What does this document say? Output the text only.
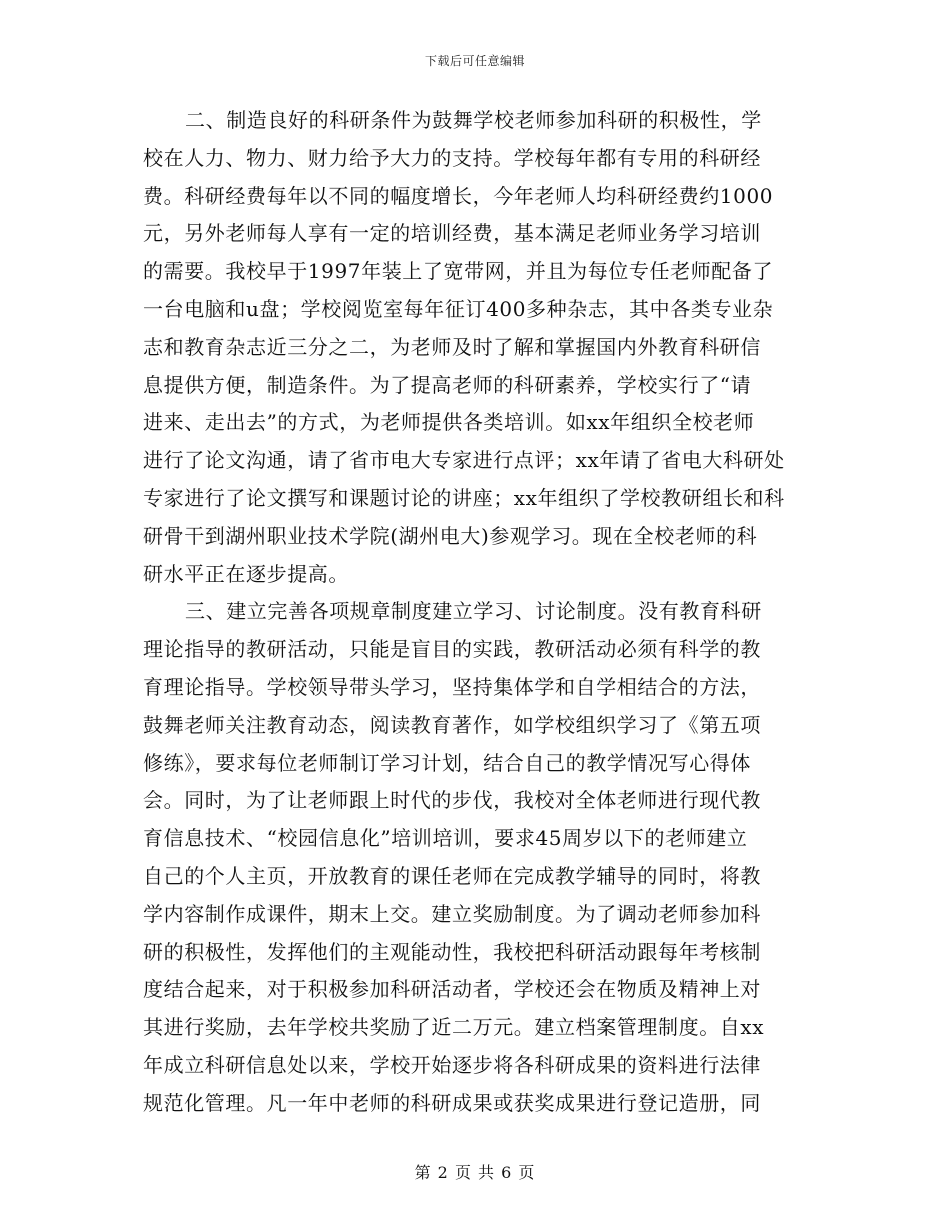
下载后可任意编辑
二、制造良好的科研条件为鼓舞学校老师参加科研的积极性，学
校在人力、物力、财力给予大力的支持。学校每年都有专用的科研经
费。科研经费每年以不同的幅度增长，今年老师人均科研经费约1000
元，另外老师每人享有一定的培训经费，基本满足老师业务学习培训
的需要。我校早于1997年装上了宽带网，并且为每位专任老师配备了
一台电脑和u盘；学校阅览室每年征订400多种杂志，其中各类专业杂
志和教育杂志近三分之二，为老师及时了解和掌握国内外教育科研信
息提供方便，制造条件。为了提高老师的科研素养，学校实行了“请
进来、走出去”的方式，为老师提供各类培训。如xx年组织全校老师
进行了论文沟通，请了省市电大专家进行点评；xx年请了省电大科研处
专家进行了论文撰写和课题讨论的讲座；xx年组织了学校教研组长和科
研骨干到湖州职业技术学院(湖州电大)参观学习。现在全校老师的科
研水平正在逐步提高。
三、建立完善各项规章制度建立学习、讨论制度。没有教育科研
理论指导的教研活动，只能是盲目的实践，教研活动必须有科学的教
育理论指导。学校领导带头学习，坚持集体学和自学相结合的方法，
鼓舞老师关注教育动态，阅读教育著作，如学校组织学习了《第五项
修练》，要求每位老师制订学习计划，结合自己的教学情况写心得体
会。同时，为了让老师跟上时代的步伐，我校对全体老师进行现代教
育信息技术、“校园信息化”培训培训，要求45周岁以下的老师建立
自己的个人主页，开放教育的课任老师在完成教学辅导的同时，将教
学内容制作成课件，期末上交。建立奖励制度。为了调动老师参加科
研的积极性，发挥他们的主观能动性，我校把科研活动跟每年考核制
度结合起来，对于积极参加科研活动者，学校还会在物质及精神上对
其进行奖励，去年学校共奖励了近二万元。建立档案管理制度。自xx
年成立科研信息处以来，学校开始逐步将各科研成果的资料进行法律
规范化管理。凡一年中老师的科研成果或获奖成果进行登记造册，同
第 2 页 共 6 页
